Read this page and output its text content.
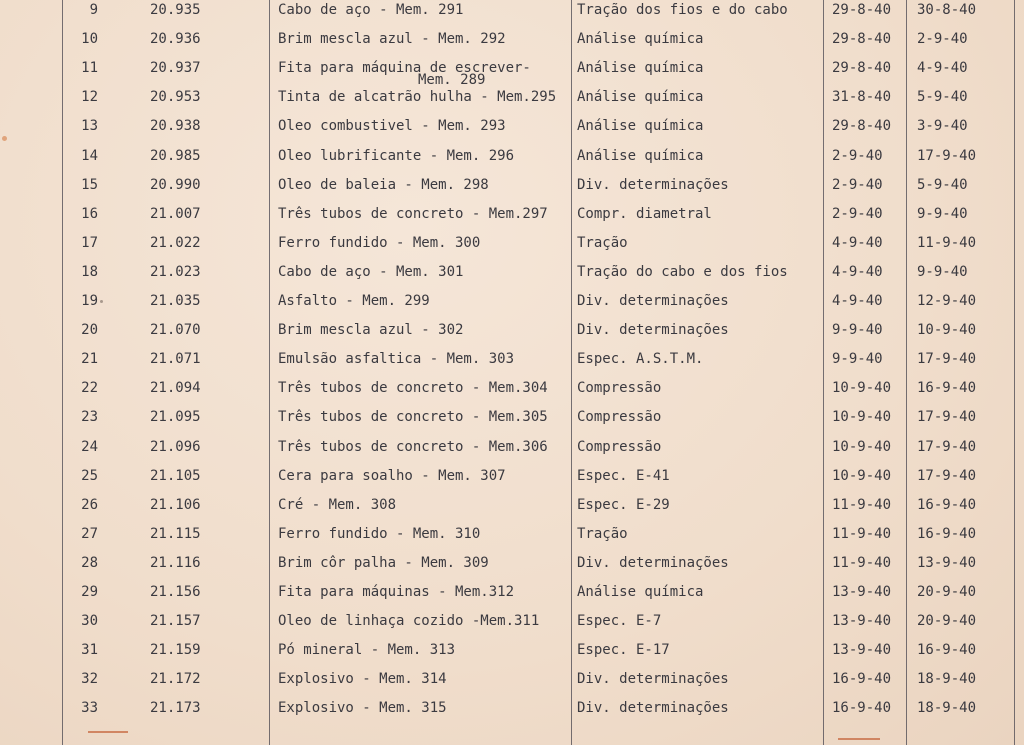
9	20.935	Cabo de aço - Mem. 291	Tração dos fios e do cabo	29-8-40 30-8-40
10	20.936	Brim mescla azul - Mem. 292	Análise química	29-8-40 2-9-40
11	20.937	Fita para máquina de escrever-	Análise química	29-8-40 4-9-40
Mem. 289
12	20.953	Tinta de alcatrão hulha - Mem.295 Análise química	31-8-40 5-9-40
13	20.938	Oleo combustivel - Mem. 293	Análise química	29-8-40 3-9-40
14	20.985	Oleo lubrificante - Mem. 296	Análise química	2-9-40 17-9-40
15	20.990	Oleo de baleia - Mem. 298	Div. determinações	2-9-40 5-9-40
16	21.007	Três tubos de concreto - Mem.297 Compr. diametral	2-9-40 9-9-40
17	21.022	Ferro fundido - Mem. 300	Tração	4-9-40 11-9-40
18	21.023	Cabo de aço - Mem. 301	Tração do cabo e dos fios	4-9-40 9-9-40
19	21.035	Asfalto - Mem. 299	Div. determinações	4-9-40 12-9-40
20	21.070	Brim mescla azul - 302	Div. determinações	9-9-40 10-9-40
21	21.071	Emulsão asfaltica - Mem. 303	Espec. A.S.T.M.	9-9-40 17-9-40
22	21.094	Três tubos de concreto - Mem.304 Compressão	10-9-40 16-9-40
23	21.095	Três tubos de concreto - Mem.305 Compressão	10-9-40 17-9-40
24	21.096	Três tubos de concreto - Mem.306 Compressão	10-9-40 17-9-40
25	21.105	Cera para soalho - Mem. 307	Espec. E-41	10-9-40 17-9-40
26	21.106	Cré - Mem. 308	Espec. E-29	11-9-40 16-9-40
27	21.115	Ferro fundido - Mem. 310	Tração	11-9-40 16-9-40
28	21.116	Brim côr palha - Mem. 309	Div. determinações	11-9-40 13-9-40
29	21.156	Fita para máquinas - Mem.312	Análise química	13-9-40 20-9-40
30	21.157	Oleo de linhaça cozido -Mem.311	Espec. E-7	13-9-40 20-9-40
31	21.159	Pó mineral - Mem. 313	Espec. E-17	13-9-40 16-9-40
32	21.172	Explosivo - Mem. 314	Div. determinações	16-9-40 18-9-40
33	21.173	Explosivo - Mem. 315	Div. determinações	16-9-40 18-9-40
